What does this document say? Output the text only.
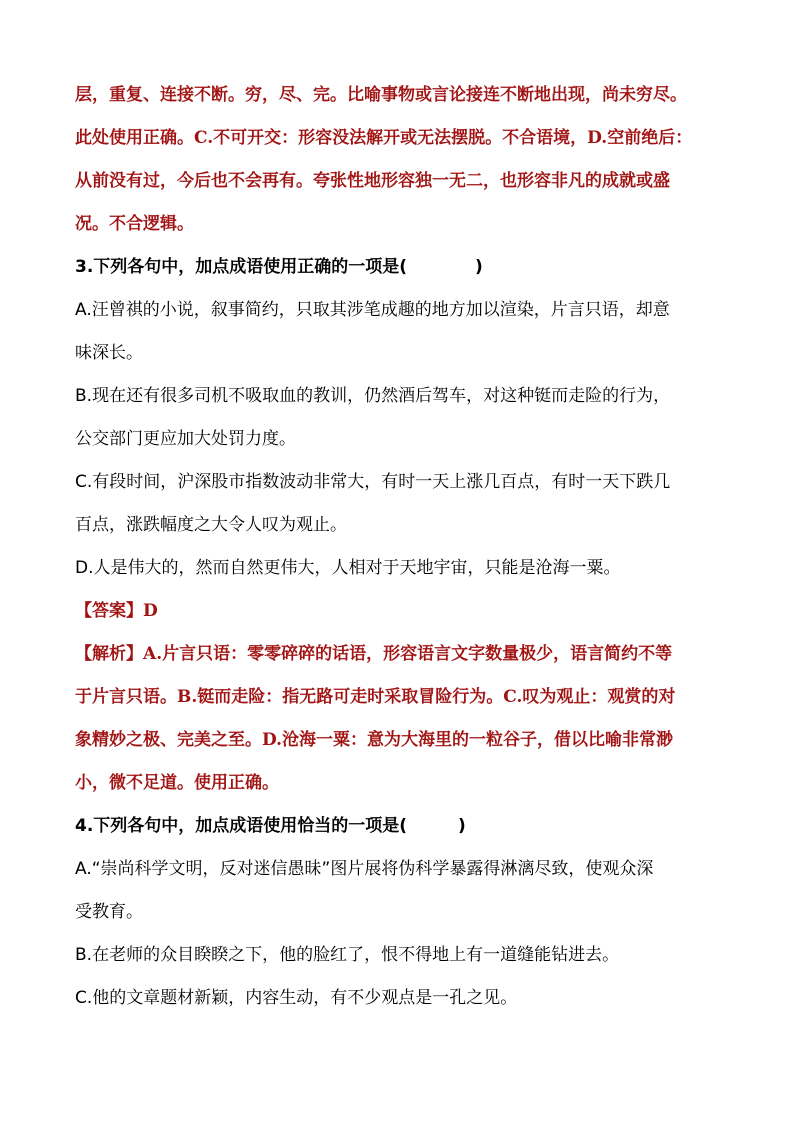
层，重复、连接不断。穷，尽、完。比喻事物或言论接连不断地出现，尚未穷尽。
此处使用正确。C.不可开交：形容没法解开或无法摆脱。不合语境，D.空前绝后：
从前没有过，今后也不会再有。夸张性地形容独一无二，也形容非凡的成就或盛
况。不合逻辑。
3.下列各句中，加点成语使用正确的一项是(　　　　)
A.汪曾祺的小说，叙事简约，只取其涉笔成趣的地方加以渲染，片言只语，却意
味深长。
B.现在还有很多司机不吸取血的教训，仍然酒后驾车，对这种铤而走险的行为，
公交部门更应加大处罚力度。
C.有段时间，沪深股市指数波动非常大，有时一天上涨几百点，有时一天下跌几
百点，涨跌幅度之大令人叹为观止。
D.人是伟大的，然而自然更伟大，人相对于天地宇宙，只能是沧海一粟。
【答案】D
【解析】A.片言只语：零零碎碎的话语，形容语言文字数量极少，语言简约不等
于片言只语。B.铤而走险：指无路可走时采取冒险行为。C.叹为观止：观赏的对
象精妙之极、完美之至。D.沧海一粟：意为大海里的一粒谷子，借以比喻非常渺
小，微不足道。使用正确。
4.下列各句中，加点成语使用恰当的一项是(　　　)
A.“崇尚科学文明，反对迷信愚昧”图片展将伪科学暴露得淋漓尽致，使观众深
受教育。
B.在老师的众目睽睽之下，他的脸红了，恨不得地上有一道缝能钻进去。
C.他的文章题材新颖，内容生动，有不少观点是一孔之见。
